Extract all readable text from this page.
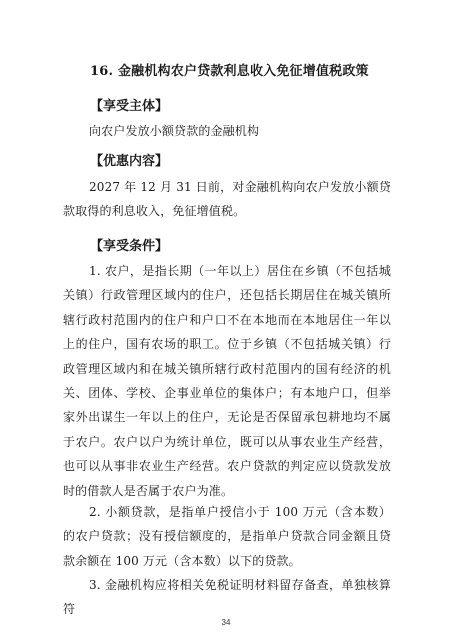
16. 金融机构农户贷款利息收入免征增值税政策
【享受主体】
向农户发放小额贷款的金融机构
【优惠内容】
2027 年 12 月 31 日前，对金融机构向农户发放小额贷款取得的利息收入，免征增值税。
【享受条件】
1. 农户，是指长期（一年以上）居住在乡镇（不包括城关镇）行政管理区域内的住户，还包括长期居住在城关镇所辖行政村范围内的住户和户口不在本地而在本地居住一年以上的住户，国有农场的职工。位于乡镇（不包括城关镇）行政管理区域内和在城关镇所辖行政村范围内的国有经济的机关、团体、学校、企事业单位的集体户；有本地户口，但举家外出谋生一年以上的住户，无论是否保留承包耕地均不属于农户。农户以户为统计单位，既可以从事农业生产经营，也可以从事非农业生产经营。农户贷款的判定应以贷款发放时的借款人是否属于农户为准。
2. 小额贷款，是指单户授信小于 100 万元（含本数）的农户贷款；没有授信额度的，是指单户贷款合同金额且贷款余额在 100 万元（含本数）以下的贷款。
3. 金融机构应将相关免税证明材料留存备查，单独核算符
34
